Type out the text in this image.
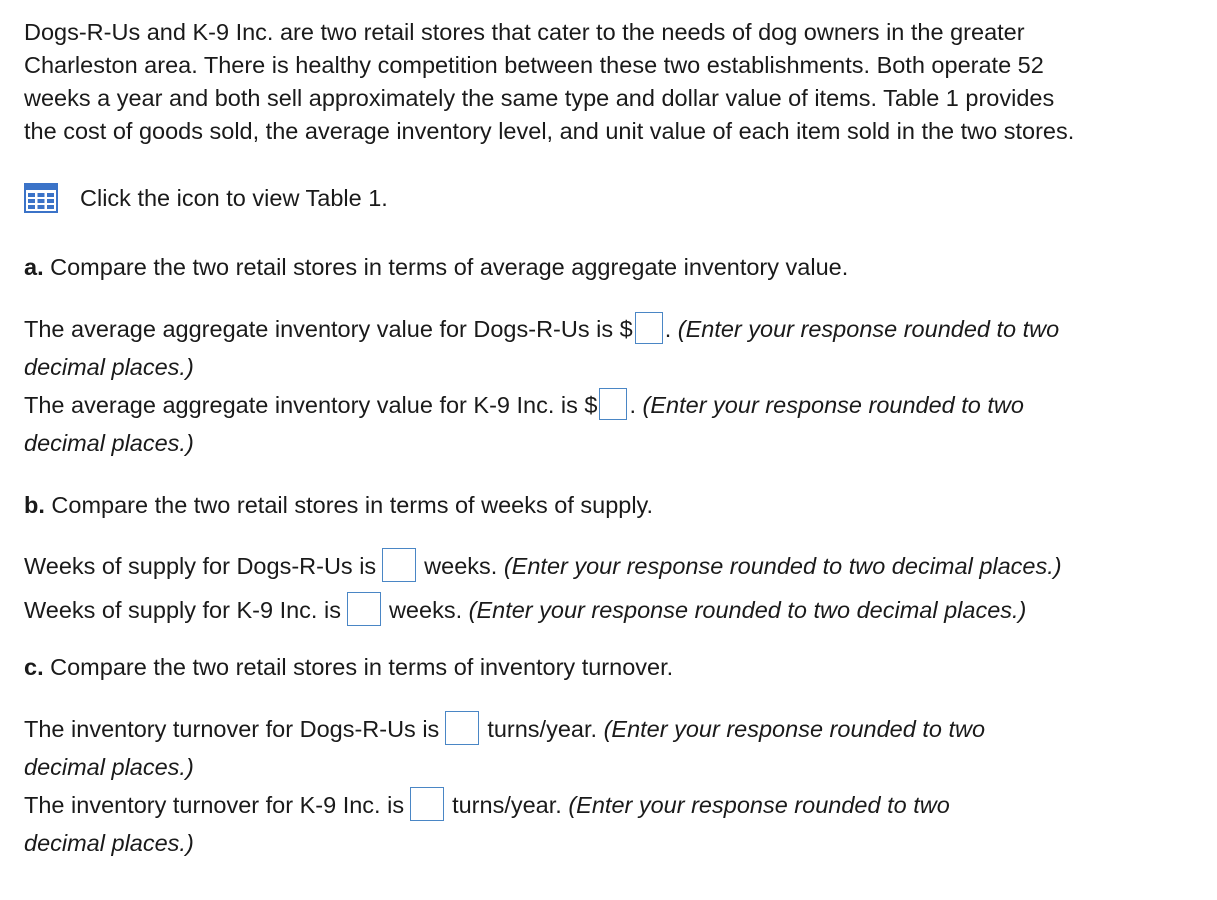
Dogs-R-Us and K-9 Inc. are two retail stores that cater to the needs of dog owners in the greater
Charleston area. There is healthy competition between these two establishments. Both operate 52
weeks a year and both sell approximately the same type and dollar value of items. Table 1 provides
the cost of goods sold, the average inventory level, and unit value of each item sold in the two stores.

Click the icon to view Table 1.
a. Compare the two retail stores in terms of average aggregate inventory value.
The average aggregate inventory value for Dogs-R-Us is $ . (Enter your response rounded to two
decimal places.)
The average aggregate inventory value for K-9 Inc. is $ . (Enter your response rounded to two
decimal places.)
b. Compare the two retail stores in terms of weeks of supply.
Weeks of supply for Dogs-R-Us is weeks. (Enter your response rounded to two decimal places.)
Weeks of supply for K-9 Inc. is weeks. (Enter your response rounded to two decimal places.)
c. Compare the two retail stores in terms of inventory turnover.
The inventory turnover for Dogs-R-Us is turns/year. (Enter your response rounded to two
decimal places.)
The inventory turnover for K-9 Inc. is turns/year. (Enter your response rounded to two
decimal places.)
